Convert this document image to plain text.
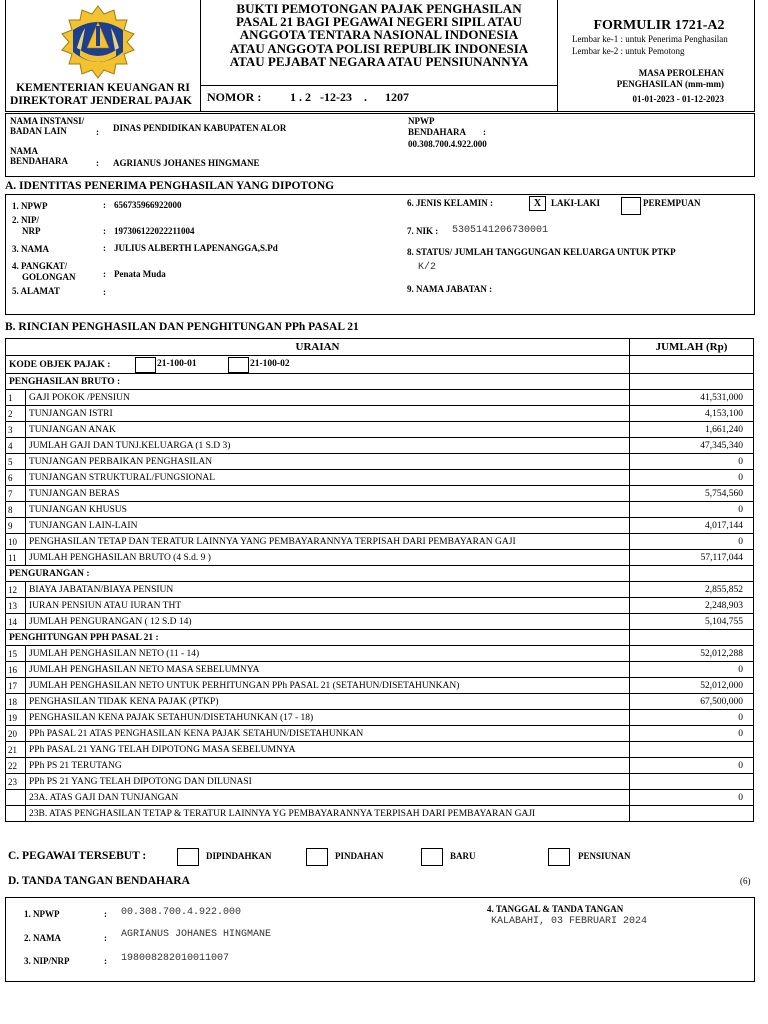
KEMENTERIAN KEUANGAN RI
DIREKTORAT JENDERAL PAJAK
BUKTI PEMOTONGAN PAJAK PENGHASILAN
PASAL 21 BAGI PEGAWAI NEGERI SIPIL ATAU
ANGGOTA TENTARA NASIONAL INDONESIA
ATAU ANGGOTA POLISI REPUBLIK INDONESIA
ATAU PEJABAT NEGARA ATAU PENSIUNANNYA
NOMOR : 1 . 2   -12-23    .      1207
FORMULIR 1721-A2
Lembar ke-1 : untuk Penerima Penghasilan
Lembar ke-2 : untuk Pemotong
MASA PEROLEHAN
PENGHASILAN (mm-mm)
01-01-2023 - 01-12-2023
NAMA INSTANSI/
BADAN LAIN	: DINAS PENDIDIKAN KABUPATEN ALOR
NAMA
BENDAHARA	: AGRIANUS JOHANES HINGMANE
NPWP
BENDAHARA :
00.308.700.4.922.000
A. IDENTITAS PENERIMA PENGHASILAN YANG DIPOTONG
1. NPWP	: 656735966922000
2. NIP/
NRP	: 197306122022211004
3. NAMA	: JULIUS ALBERTH LAPENANGGA,S.Pd
4. PANGKAT/
GOLONGAN	: Penata Muda
5. ALAMAT	:
6. JENIS KELAMIN :	X	LAKI-LAKI	PEREMPUAN
7. NIK : 5305141206730001
8. STATUS/ JUMLAH TANGGUNGAN KELUARGA UNTUK PTKP
K/2
9. NAMA JABATAN :
B. RINCIAN PENGHASILAN DAN PENGHITUNGAN PPh PASAL 21
URAIAN		JUMLAH (Rp)
KODE OBJEK PAJAK : 21-100-01 21-100-02		

PENGHASILAN BRUTO :		
1	GAJI POKOK /PENSIUN	41,531,000
2	TUNJANGAN ISTRI	4,153,100
3	TUNJANGAN ANAK	1,661,240
4	JUMLAH GAJI DAN TUNJ.KELUARGA (1 S.D 3)	47,345,340
5	TUNJANGAN PERBAIKAN PENGHASILAN	0
6	TUNJANGAN STRUKTURAL/FUNGSIONAL	0
7	TUNJANGAN BERAS	5,754,560
8	TUNJANGAN KHUSUS	0
9	TUNJANGAN LAIN-LAIN	4,017,144
10	PENGHASILAN TETAP DAN TERATUR LAINNYA YANG PEMBAYARANNYA TERPISAH DARI PEMBAYARAN GAJI	0
11	JUMLAH PENGHASILAN BRUTO (4 S.d. 9 )	57,117,044
PENGURANGAN :		
12	BIAYA JABATAN/BIAYA PENSIUN	2,855,852
13	IURAN PENSIUN ATAU IURAN THT	2,248,903
14	JUMLAH PENGURANGAN ( 12 S.D 14)	5,104,755
PENGHITUNGAN PPH PASAL 21 :		
15	JUMLAH PENGHASILAN NETO (11 - 14)	52,012,288
16	JUMLAH PENGHASILAN NETO MASA SEBELUMNYA	0
17	JUMLAH PENGHASILAN NETO UNTUK PERHITUNGAN PPh PASAL 21 (SETAHUN/DISETAHUNKAN)	52,012,000
18	PENGHASILAN TIDAK KENA PAJAK (PTKP)	67,500,000
19	PENGHASILAN KENA PAJAK SETAHUN/DISETAHUNKAN (17 - 18)	0
20	PPh PASAL 21 ATAS PENGHASILAN KENA PAJAK SETAHUN/DISETAHUNKAN	0
21	PPh PASAL 21 YANG TELAH DIPOTONG MASA SEBELUMNYA	
22	PPh PS 21 TERUTANG	0
23	PPh PS 21 YANG TELAH DIPOTONG DAN DILUNASI	
	23A. ATAS GAJI DAN TUNJANGAN	0
	23B. ATAS PENGHASILAN TETAP & TERATUR LAINNYA YG PEMBAYARANNYA TERPISAH DARI PEMBAYARAN GAJI	
C. PEGAWAI TERSEBUT :	DIPINDAHKAN	PINDAHAN	BARU	PENSIUNAN
D. TANDA TANGAN BENDAHARA	(6)
1. NPWP	: 00.308.700.4.922.000
2. NAMA	: AGRIANUS JOHANES HINGMANE
3. NIP/NRP	: 198008282010011007
4. TANGGAL & TANDA TANGAN
KALABAHI, 03 FEBRUARI 2024
